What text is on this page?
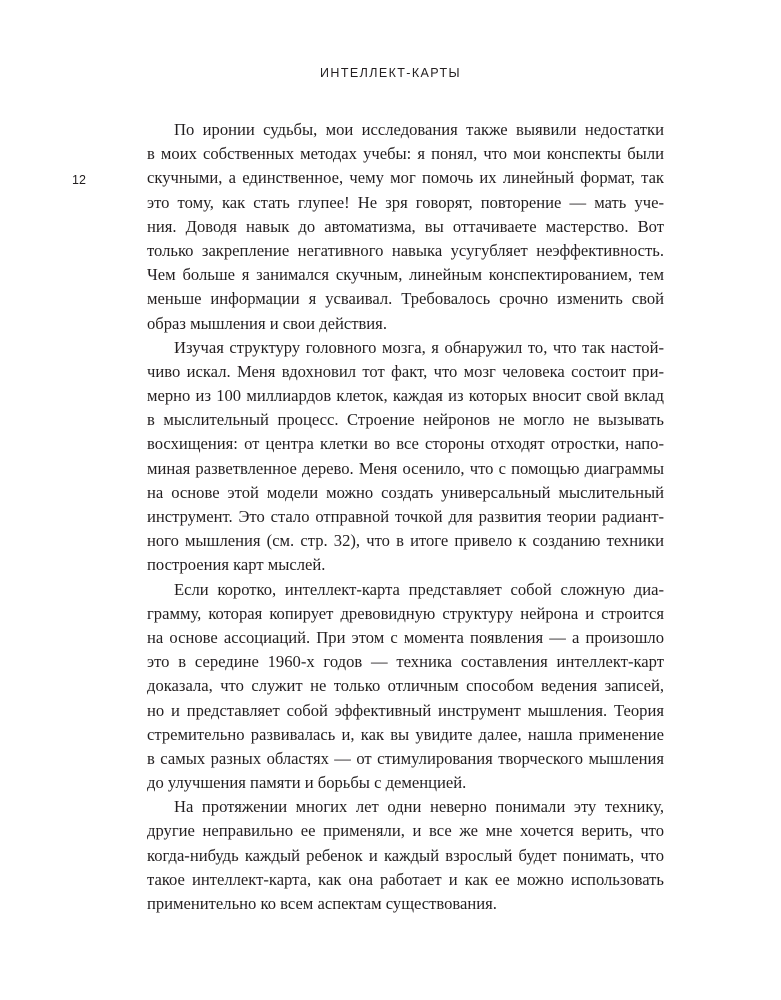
ИНТЕЛЛЕКТ-КАРТЫ
12
По иронии судьбы, мои исследования также выявили недостатки
в моих собственных методах учебы: я понял, что мои конспекты были
скучными, а единственное, чему мог помочь их линейный формат, так
это тому, как стать глупее! Не зря говорят, повторение — мать уче-
ния. Доводя навык до автоматизма, вы оттачиваете мастерство. Вот
только закрепление негативного навыка усугубляет неэффективность.
Чем больше я занимался скучным, линейным конспектированием, тем
меньше информации я усваивал. Требовалось срочно изменить свой
образ мышления и свои действия.
Изучая структуру головного мозга, я обнаружил то, что так настой-
чиво искал. Меня вдохновил тот факт, что мозг человека состоит при-
мерно из 100 миллиардов клеток, каждая из которых вносит свой вклад
в мыслительный процесс. Строение нейронов не могло не вызывать
восхищения: от центра клетки во все стороны отходят отростки, напо-
миная разветвленное дерево. Меня осенило, что с помощью диаграммы
на основе этой модели можно создать универсальный мыслительный
инструмент. Это стало отправной точкой для развития теории радиант-
ного мышления (см. стр. 32), что в итоге привело к созданию техники
построения карт мыслей.
Если коротко, интеллект-карта представляет собой сложную диа-
грамму, которая копирует древовидную структуру нейрона и строится
на основе ассоциаций. При этом с момента появления — а произошло
это в середине 1960-х годов — техника составления интеллект-карт
доказала, что служит не только отличным способом ведения записей,
но и представляет собой эффективный инструмент мышления. Теория
стремительно развивалась и, как вы увидите далее, нашла применение
в самых разных областях — от стимулирования творческого мышления
до улучшения памяти и борьбы с деменцией.
На протяжении многих лет одни неверно понимали эту технику,
другие неправильно ее применяли, и все же мне хочется верить, что
когда-нибудь каждый ребенок и каждый взрослый будет понимать, что
такое интеллект-карта, как она работает и как ее можно использовать
применительно ко всем аспектам существования.
